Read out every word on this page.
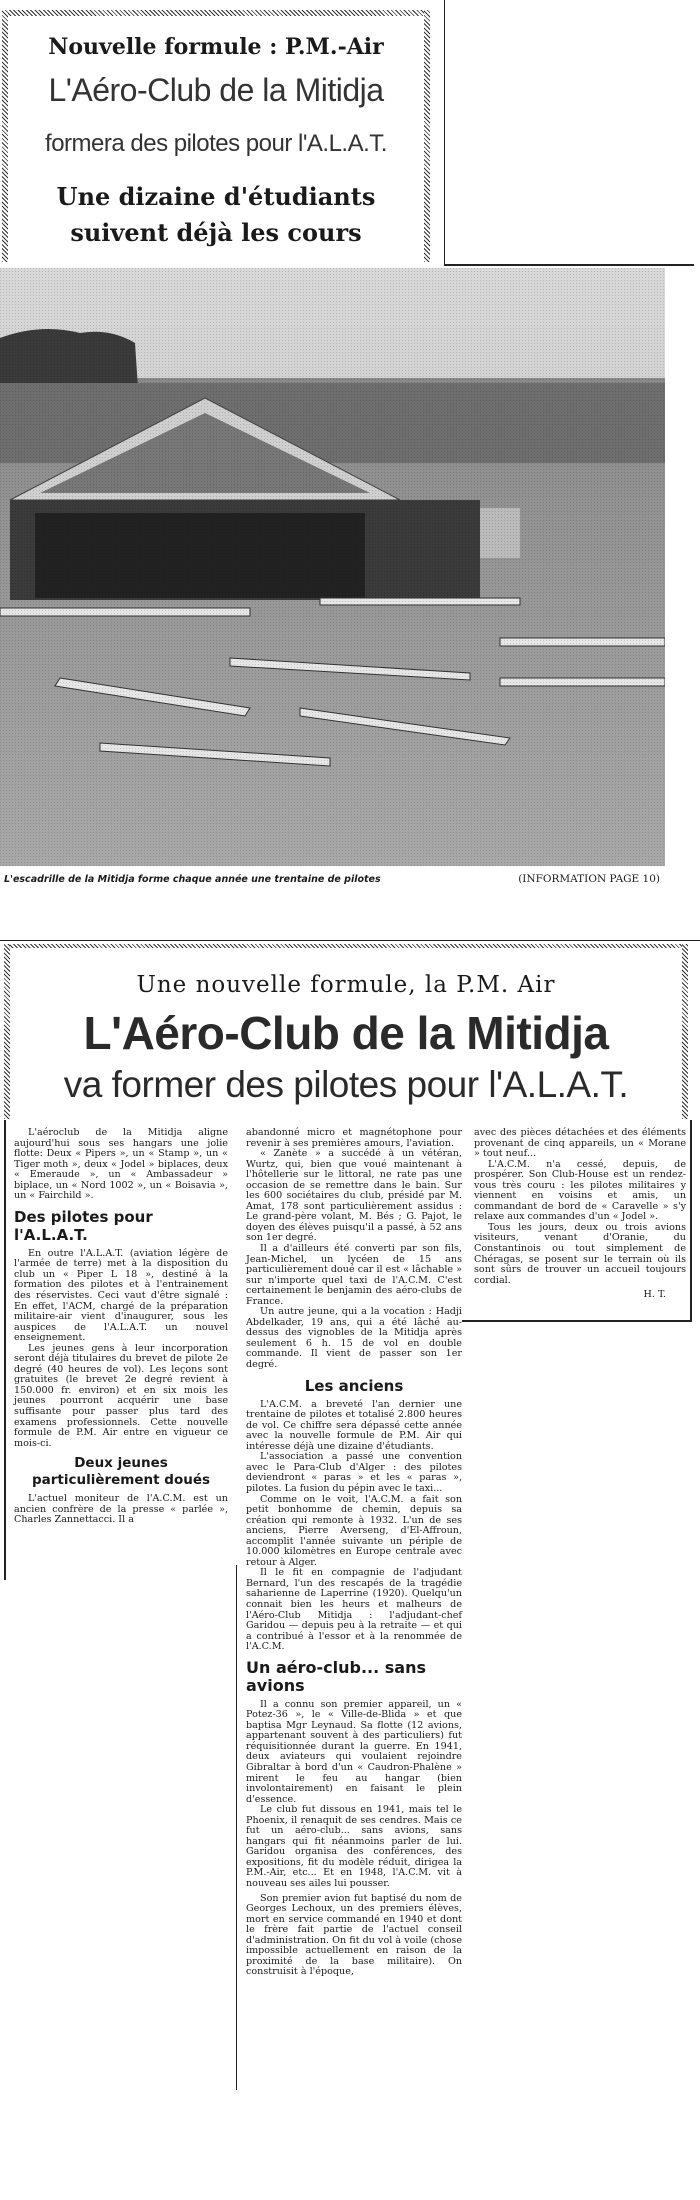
Nouvelle formule : P.M.-Air
L'Aéro-Club de la Mitidja
formera des pilotes pour l'A.L.A.T.
Une dizaine d'étudiants
suivent déjà les cours
L'escadrille de la Mitidja forme chaque année une trentaine de pilotes	(INFORMATION PAGE 10)
Une nouvelle formule, la P.M. Air
L'Aéro-Club de la Mitidja
va former des pilotes pour l'A.L.A.T.

L'aéroclub de la Mitidja aligne aujourd'hui sous ses hangars une jolie flotte: Deux « Pipers », un « Stamp », un « Tiger moth », deux « Jodel » biplaces, deux « Emeraude », un « Ambassadeur » biplace, un « Nord 1002 », un « Boisavia », un « Fairchild ».

Des pilotes pour l'A.L.A.T.

En outre l'A.L.A.T. (aviation légère de l'armée de terre) met à la disposition du club un « Piper L 18 », destiné à la formation des pilotes et à l'entrainement des réservistes. Ceci vaut d'être signalé : En effet, l'ACM, chargé de la préparation militaire-air vient d'inaugurer, sous les auspices de l'A.L.A.T. un nouvel enseignement.

Les jeunes gens à leur incorporation seront déjà titulaires du brevet de pilote 2e degré (40 heures de vol). Les leçons sont gratuites (le brevet 2e degré revient à 150.000 fr. environ) et en six mois les jeunes pourront acquérir une base suffisante pour passer plus tard des examens professionnels. Cette nouvelle formule de P.M. Air entre en vigueur ce mois-ci.

Deux jeunes particulièrement doués

L'actuel moniteur de l'A.C.M. est un ancien confrère de la presse « parlée », Charles Zannettacci. Il a

abandonné micro et magnétophone pour revenir à ses premières amours, l'aviation.

« Zanète » a succédé à un vétéran, Wurtz, qui, bien que voué maintenant à l'hôtellerie sur le littoral, ne rate pas une occasion de se remettre dans le bain. Sur les 600 sociétaires du club, présidé par M. Amat, 178 sont particulièrement assidus : Le grand-père volant, M. Bés ; G. Pajot, le doyen des élèves puisqu'il a passé, à 52 ans son 1er degré.

Il a d'ailleurs été converti par son fils, Jean-Michel, un lycéen de 15 ans particulièrement doué car il est « lâchable » sur n'importe quel taxi de l'A.C.M. C'est certainement le benjamin des aéro-clubs de France.

Un autre jeune, qui a la vocation : Hadji Abdelkader, 19 ans, qui a été lâché au-dessus des vignobles de la Mitidja après seulement 6 h. 15 de vol en double commande. Il vient de passer son 1er degré.

Les anciens

L'A.C.M. a breveté l'an dernier une trentaine de pilotes et totalisé 2.800 heures de vol. Ce chiffre sera dépassé cette année avec la nouvelle formule de P.M. Air qui intéresse déjà une dizaine d'étudiants.

L'association a passé une convention avec le Para-Club d'Alger : des pilotes deviendront « paras » et les « paras », pilotes. La fusion du pépin avec le taxi...

Comme on le voit, l'A.C.M. a fait son petit bonhomme de chemin, depuis sa création qui remonte à 1932. L'un de ses anciens, Pierre Averseng, d'El-Affroun, accomplit l'année suivante un périple de 10.000 kilomètres en Europe centrale avec retour à Alger.

Il le fit en compagnie de l'adjudant Bernard, l'un des rescapés de la tragédie saharienne de Laperrine (1920). Quelqu'un connait bien les heurs et malheurs de l'Aéro-Club Mitidja : l'adjudant-chef Garidou — depuis peu à la retraite — et qui a contribué à l'essor et à la renommée de l'A.C.M.

Un aéro-club... sans avions

Il a connu son premier appareil, un « Potez-36 », le « Ville-de-Blida » et que baptisa Mgr Leynaud. Sa flotte (12 avions, appartenant souvent à des particuliers) fut réquisitionnée durant la guerre. En 1941, deux aviateurs qui voulaient rejoindre Gibraltar à bord d'un « Caudron-Phalène » mirent le feu au hangar (bien involontairement) en faisant le plein d'essence.

Le club fut dissous en 1941, mais tel le Phoenix, il renaquit de ses cendres. Mais ce fut un aéro-club... sans avions, sans hangars qui fit néanmoins parler de lui. Garidou organisa des conférences, des expositions, fit du modèle réduit, dirigea la P.M.-Air, etc... Et en 1948, l'A.C.M. vit à nouveau ses ailes lui pousser.

Son premier avion fut baptisé du nom de Georges Lechoux, un des premiers élèves, mort en service commandé en 1940 et dont le frère fait partie de l'actuel conseil d'administration. On fit du vol à voile (chose impossible actuellement en raison de la proximité de la base militaire). On construisit à l'époque,

avec des pièces détachées et des éléments provenant de cinq appareils, un « Morane » tout neuf...

L'A.C.M. n'a cessé, depuis, de prospérer. Son Club-House est un rendez-vous très couru : les pilotes militaires y viennent en voisins et amis, un commandant de bord de « Caravelle » s'y relaxe aux commandes d'un « Jodel ».

Tous les jours, deux ou trois avions visiteurs, venant d'Oranie, du Constantinois ou tout simplement de Chéragas, se posent sur le terrain où ils sont sûrs de trouver un accueil toujours cordial.

H. T.
